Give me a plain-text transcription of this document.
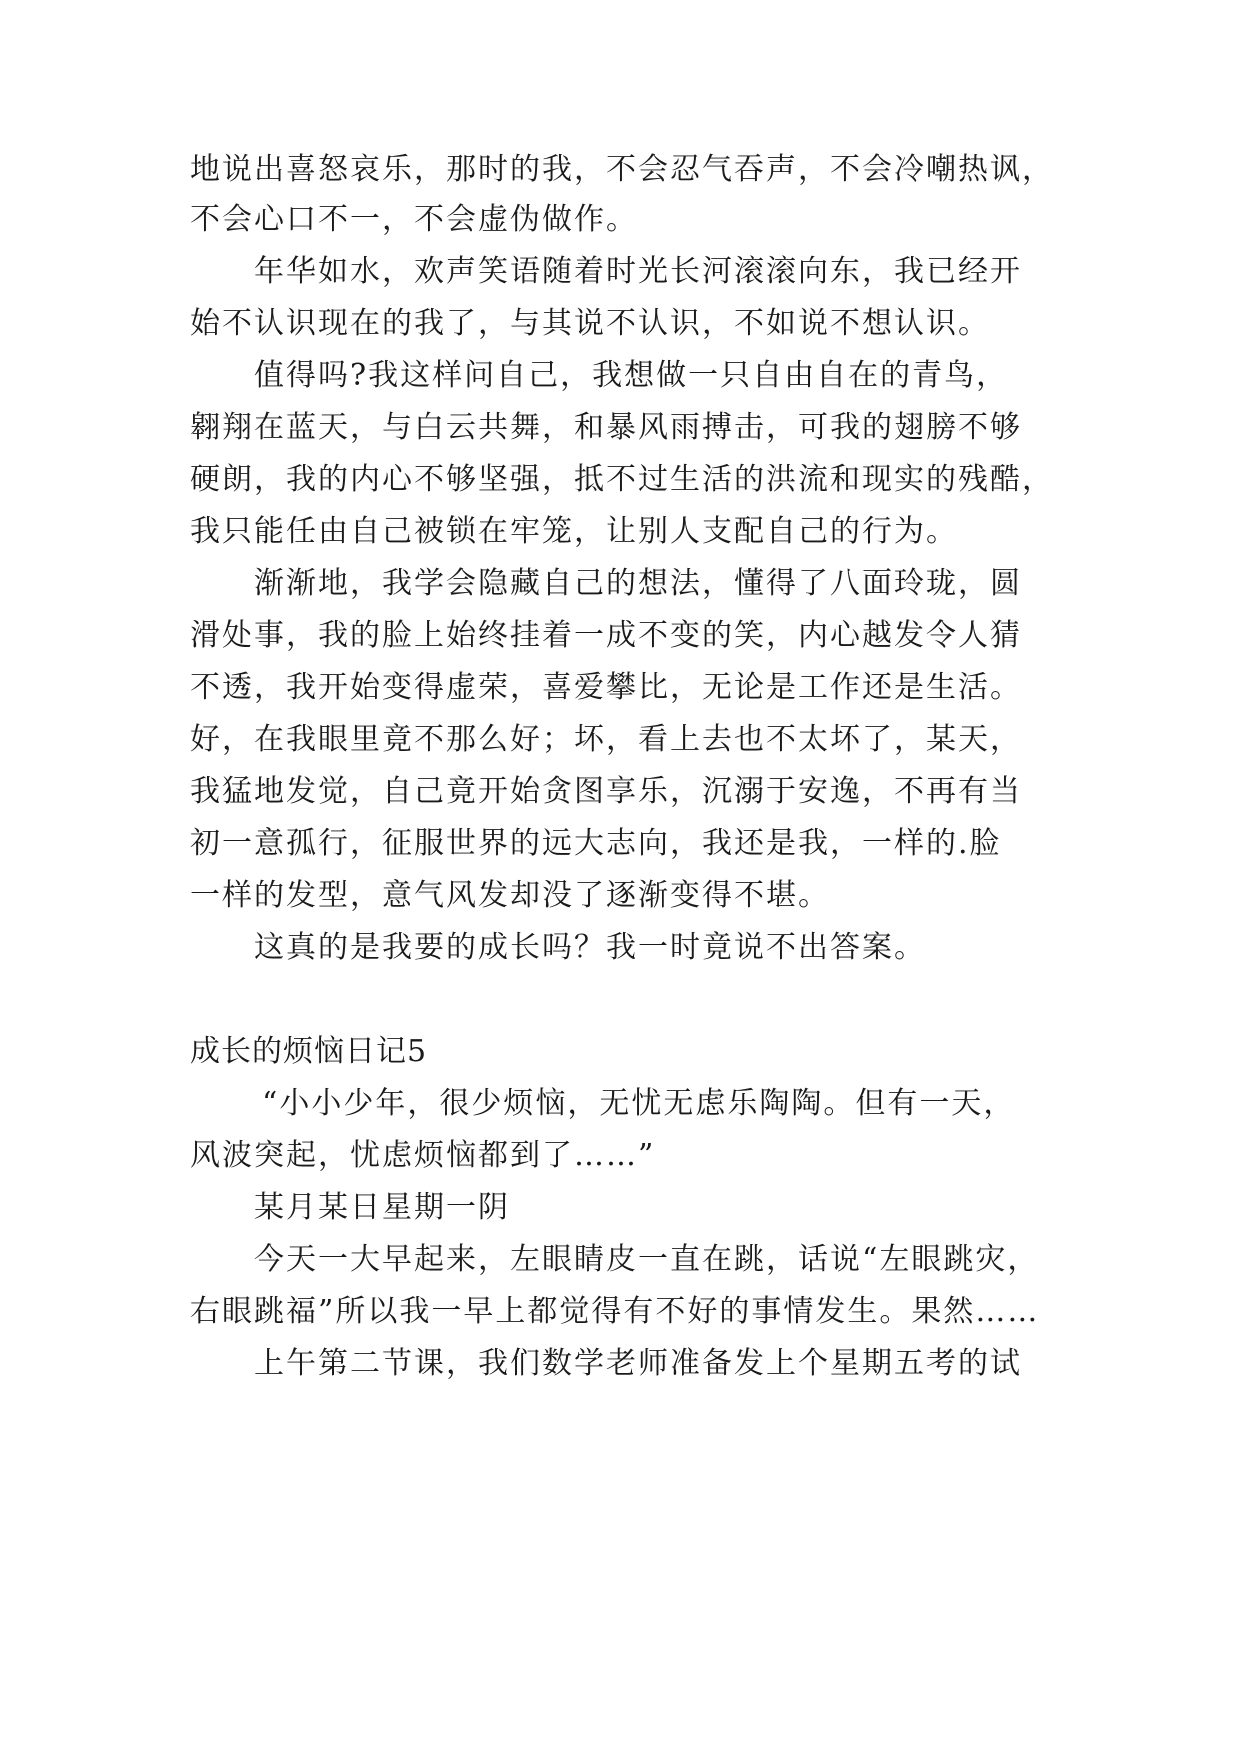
地说出喜怒哀乐，那时的我，不会忍气吞声，不会冷嘲热讽，
不会心口不一，不会虚伪做作。
年华如水，欢声笑语随着时光长河滚滚向东，我已经开
始不认识现在的我了，与其说不认识，不如说不想认识。
值得吗?我这样问自己，我想做一只自由自在的青鸟，
翱翔在蓝天，与白云共舞，和暴风雨搏击，可我的翅膀不够
硬朗，我的内心不够坚强，抵不过生活的洪流和现实的残酷，
我只能任由自己被锁在牢笼，让别人支配自己的行为。
渐渐地，我学会隐藏自己的想法，懂得了八面玲珑，圆
滑处事，我的脸上始终挂着一成不变的笑，内心越发令人猜
不透，我开始变得虚荣，喜爱攀比，无论是工作还是生活。
好，在我眼里竟不那么好；坏，看上去也不太坏了，某天，
我猛地发觉，自己竟开始贪图享乐，沉溺于安逸，不再有当
初一意孤行，征服世界的远大志向，我还是我，一样的.脸
一样的发型，意气风发却没了逐渐变得不堪。
这真的是我要的成长吗？我一时竟说不出答案。
成长的烦恼日记5
“小小少年，很少烦恼，无忧无虑乐陶陶。但有一天，
风波突起，忧虑烦恼都到了……”
某月某日星期一阴
今天一大早起来，左眼睛皮一直在跳，话说“左眼跳灾，
右眼跳福”所以我一早上都觉得有不好的事情发生。果然……
上午第二节课，我们数学老师准备发上个星期五考的试
